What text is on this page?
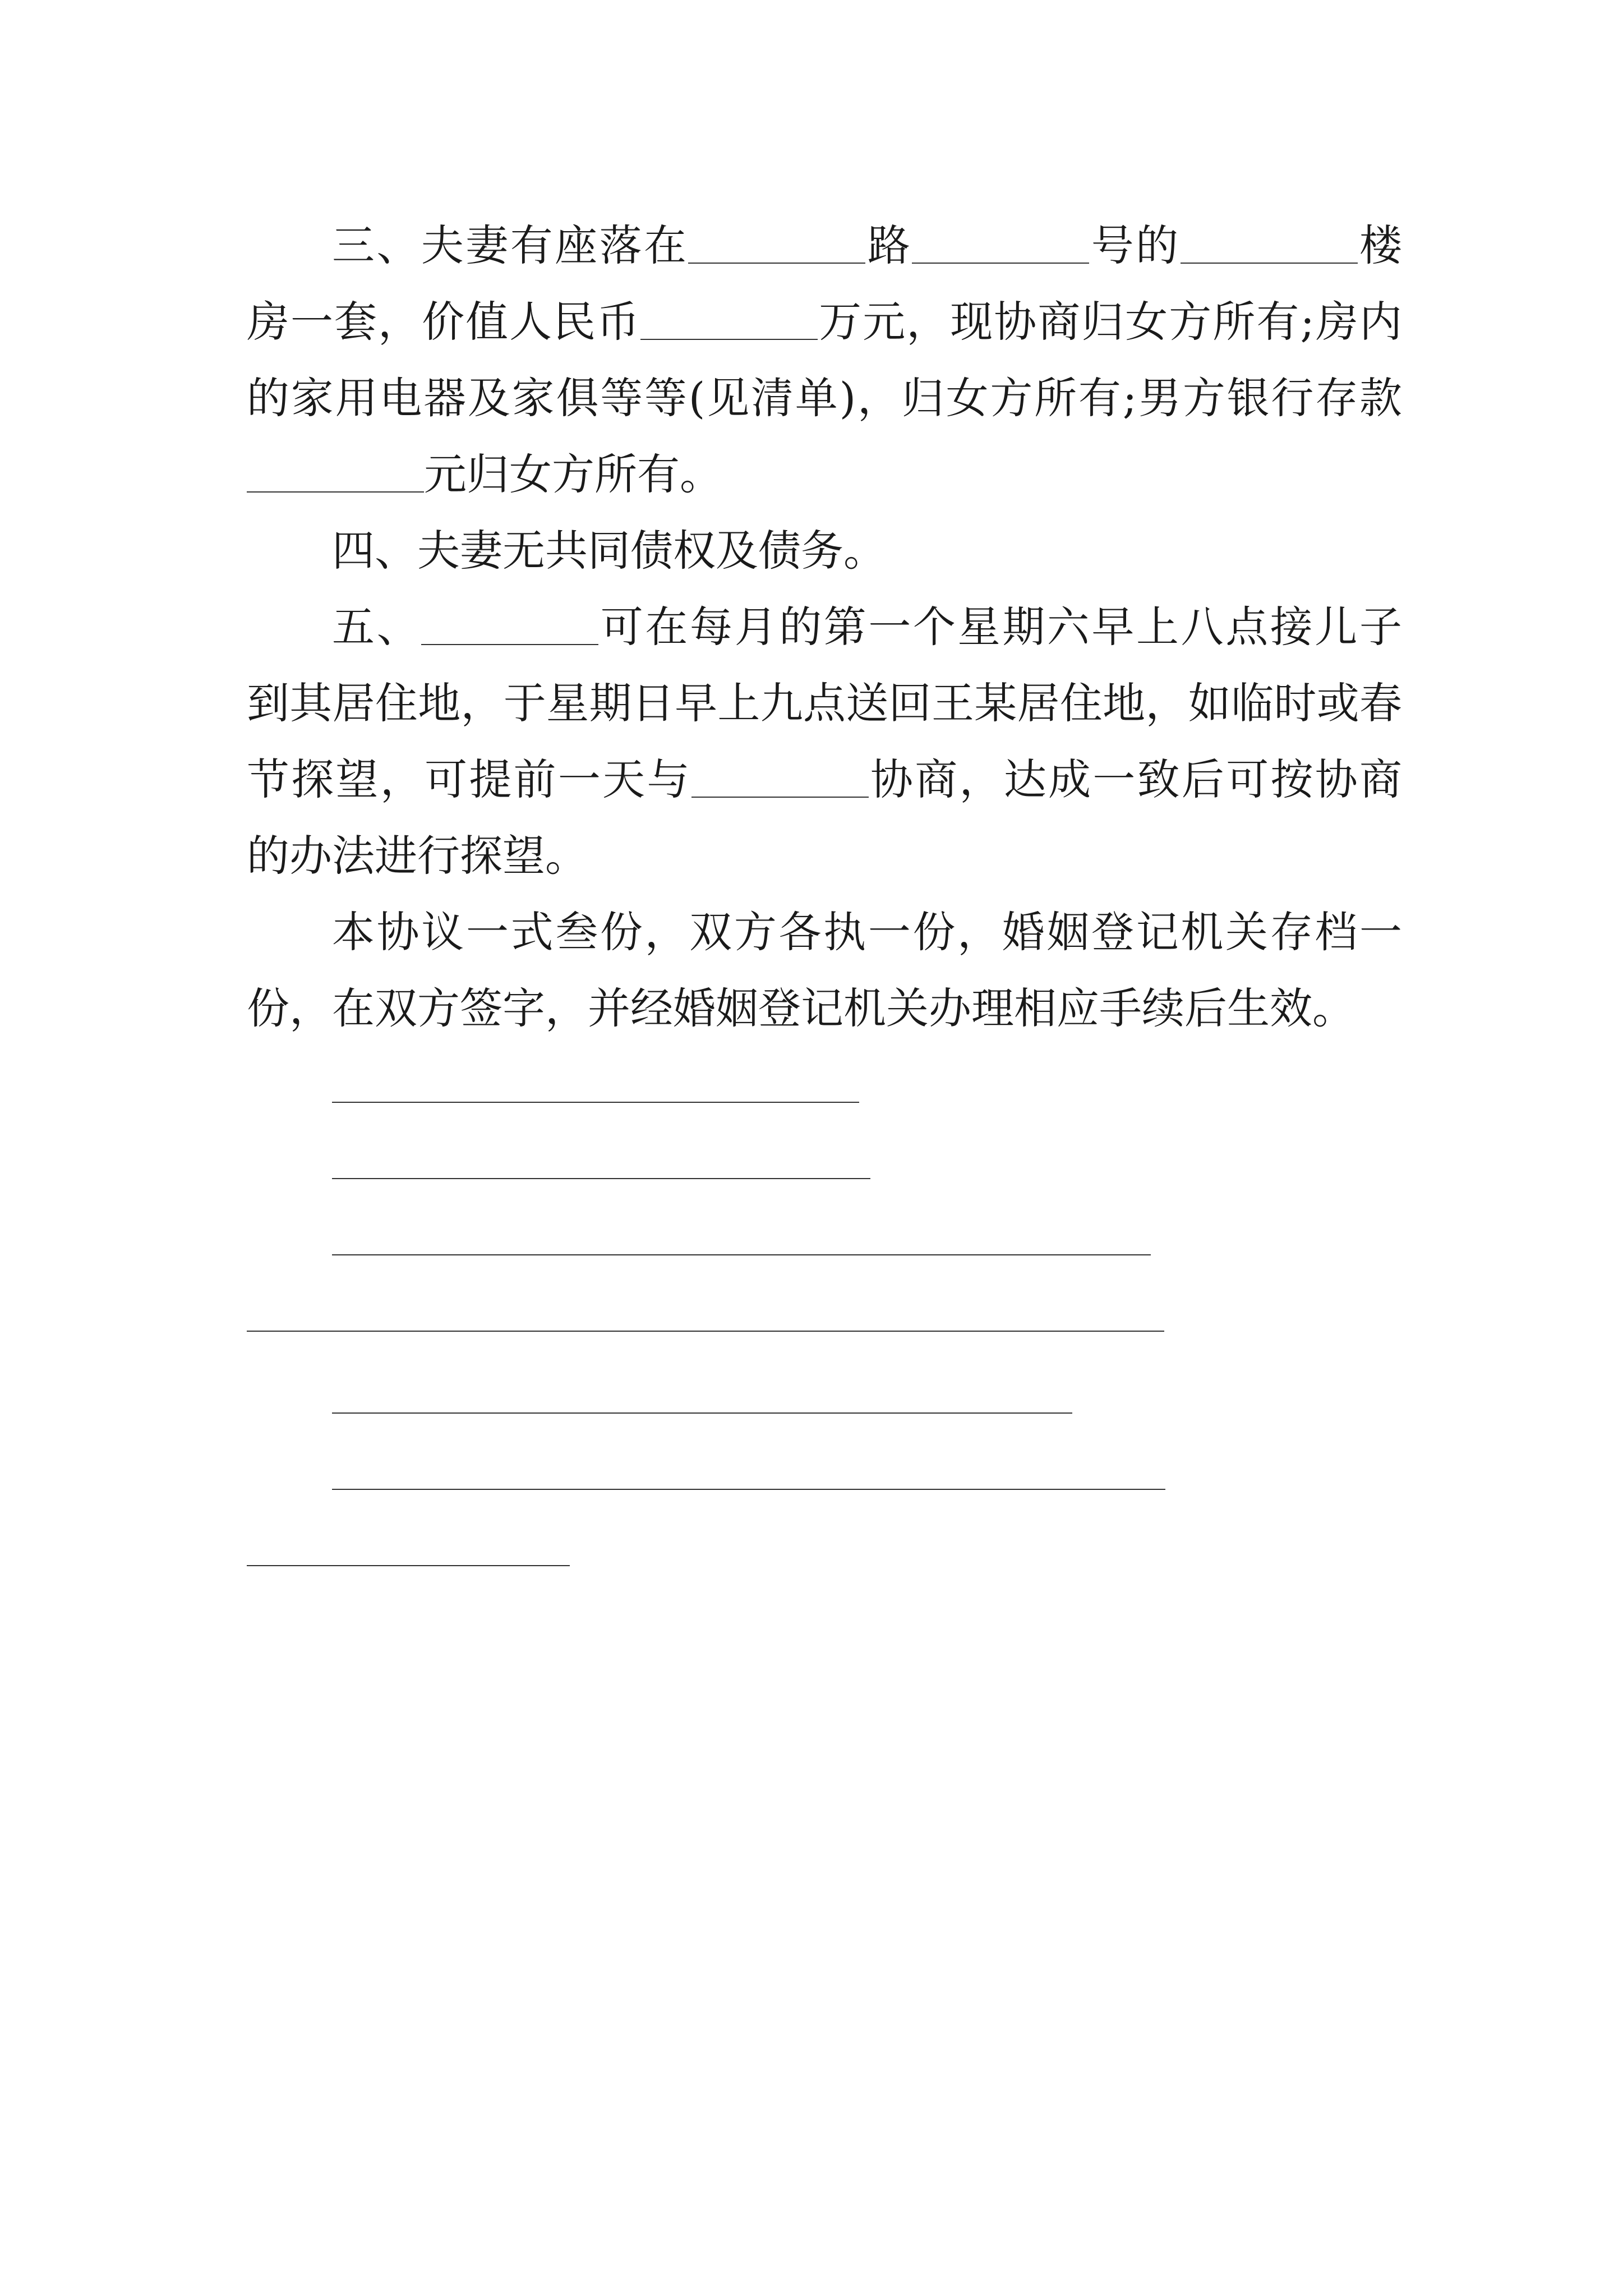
三、夫妻有座落在	路	号的	楼房一套，价值人民币	万元，现协商归女方所有;房内的家用电器及家俱等等(见清单)，归女方所有;男方银行存款元归女方所有。

四、夫妻无共同债权及债务。

五、	可在每月的第一个星期六早上八点接儿子到其居住地，于星期日早上九点送回王某居住地，如临时或春节探望，可提前一天与	协商，达成一致后可按协商的办法进行探望。

本协议一式叁份，双方各执一份，婚姻登记机关存档一份，在双方签字，并经婚姻登记机关办理相应手续后生效。
